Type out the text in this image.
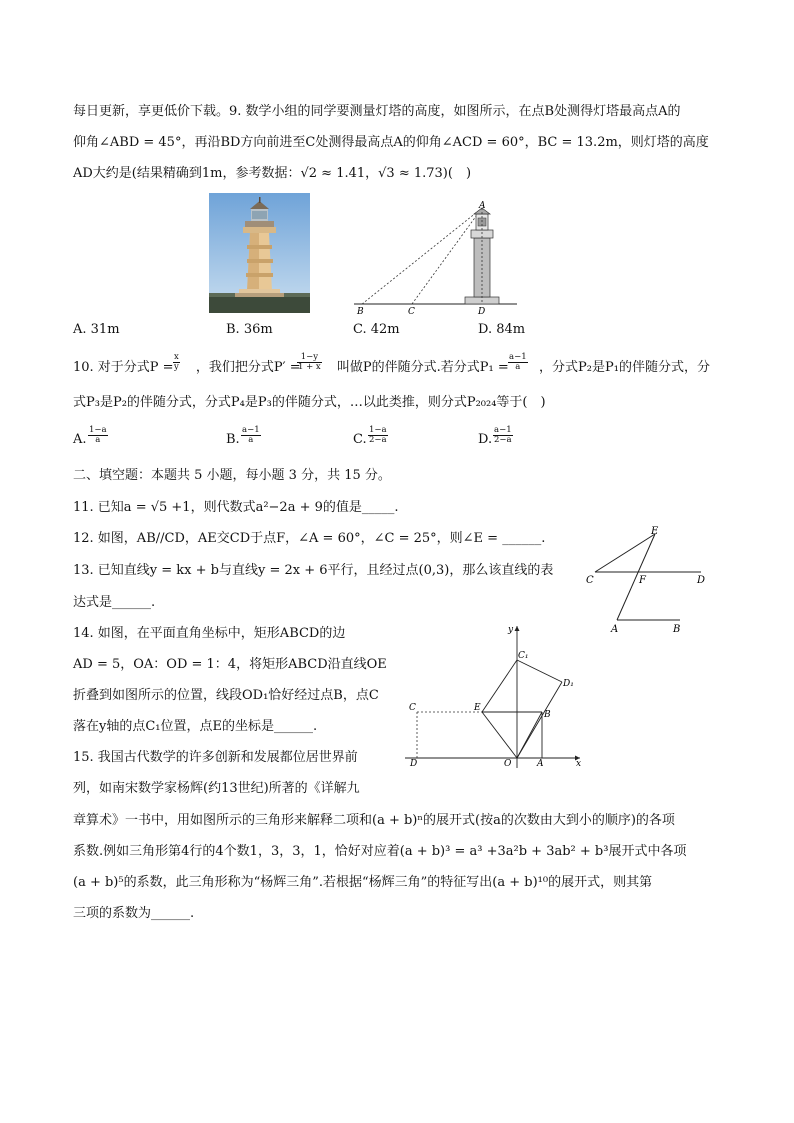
每日更新，享更低价下载。9. 数学小组的同学要测量灯塔的高度，如图所示，在点B处测得灯塔最高点A的
仰角∠ABD = 45°，再沿BD方向前进至C处测得最高点A的仰角∠ACD = 60°，BC = 13.2m，则灯塔的高度
AD大约是(结果精确到1m，参考数据：√2 ≈ 1.41，√3 ≈ 1.73)(　)
A
B	C	D
A. 31m	B. 36m	C. 42m	D. 84m
10. 对于分式P = ，我们把分式P′ =	叫做P的伴随分式.若分式P₁ = ，分式P₂是P₁的伴随分式，分
$\frac{x}{y}$	$\frac{1-y}{1 + x}$	$\frac{a-1}{a}$
式P₃是P₂的伴随分式，分式P₄是P₃的伴随分式，…以此类推，则分式P₂₀₂₄等于(　)
A. $\frac{1-a}{a}$	B. $\frac{a-1}{a}$	C. $\frac{1-a}{2-a}$	D. $\frac{a-1}{2-a}$
二、填空题：本题共 5 小题，每小题 3 分，共 15 分。
11. 已知a = √5 +1，则代数式a²−2a + 9的值是_____.
12. 如图，AB//CD，AE交CD于点F，∠A = 60°，∠C = 25°，则∠E = ______.
13. 已知直线y = kx + b与直线y = 2x + 6平行，且经过点(0,3)，那么该直线的表
达式是______.
E
C	F	D
A	B
14. 如图，在平面直角坐标中，矩形ABCD的边
AD = 5，OA：OD = 1：4，将矩形ABCD沿直线OE
折叠到如图所示的位置，线段OD₁恰好经过点B，点C
落在y轴的点C₁位置，点E的坐标是______.
y
x
C₁
D₁
C	E
B
D	O	A
15. 我国古代数学的许多创新和发展都位居世界前
列，如南宋数学家杨辉(约13世纪)所著的《详解九
章算术》一书中，用如图所示的三角形来解释二项和(a + b)ⁿ的展开式(按a的次数由大到小的顺序)的各项
系数.例如三角形第4行的4个数1，3，3，1，恰好对应着(a + b)³ = a³ +3a²b + 3ab² + b³展开式中各项
(a + b)⁵的系数，此三角形称为“杨辉三角”.若根据“杨辉三角”的特征写出(a + b)¹⁰的展开式，则其第
三项的系数为______.
